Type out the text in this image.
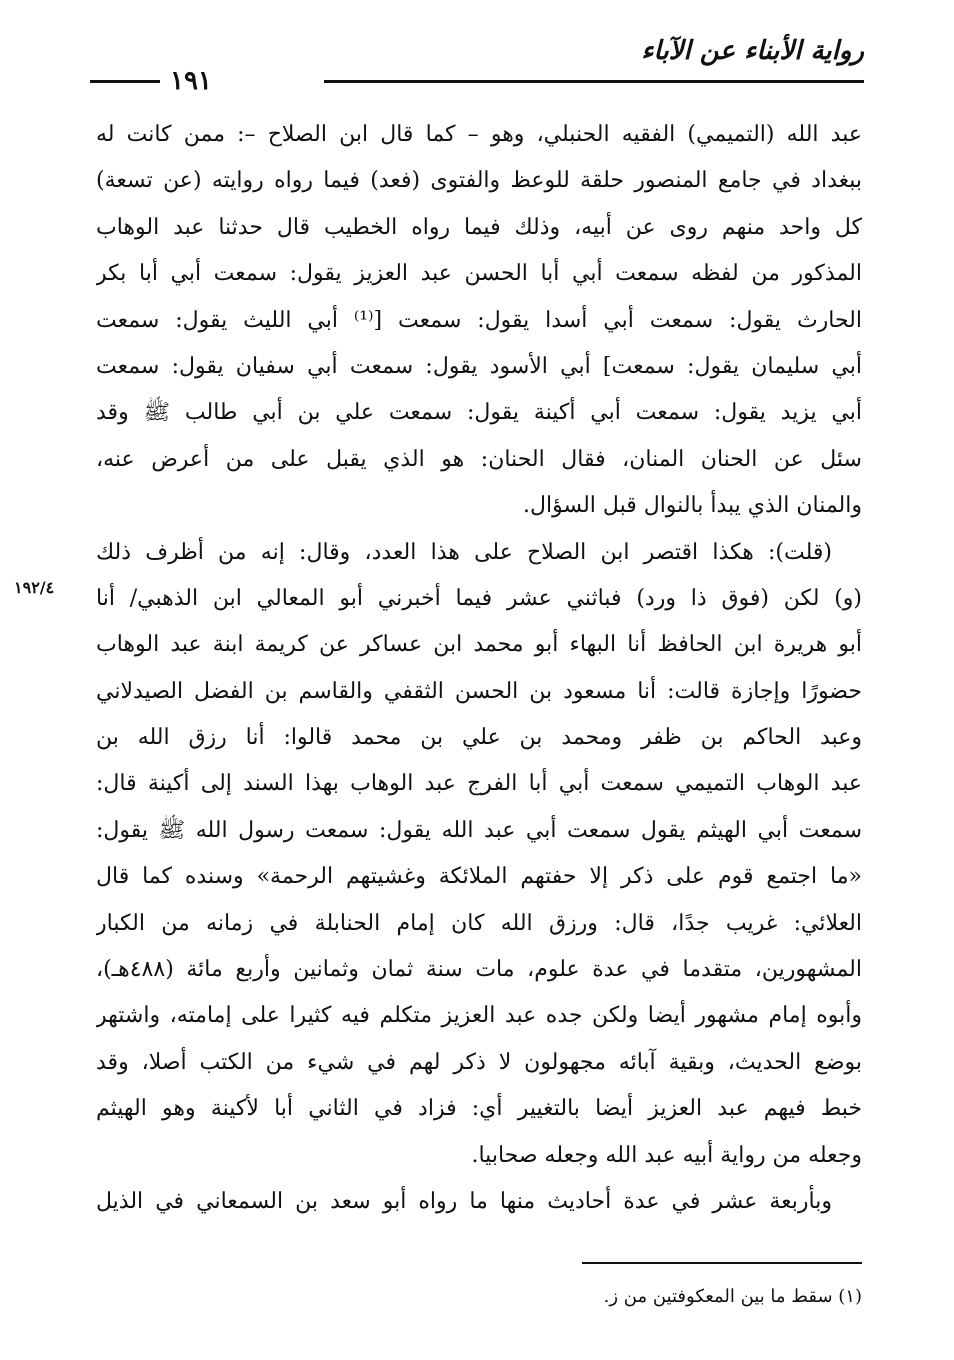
رواية الأبناء عن الآباء
١٩١
١٩٢/٤
عبد الله (التميمي) الفقيه الحنبلي، وهو – كما قال ابن الصلاح –: ممن كانت له
ببغداد في جامع المنصور حلقة للوعظ والفتوى (فعد) فيما رواه روايته (عن تسعة)
كل واحد منهم روى عن أبيه، وذلك فيما رواه الخطيب قال حدثنا عبد الوهاب
المذكور من لفظه سمعت أبي أبا الحسن عبد العزيز يقول: سمعت أبي أبا بكر
الحارث يقول: سمعت أبي أسدا يقول: سمعت [⁽¹⁾ أبي الليث يقول: سمعت
أبي سليمان يقول: سمعت] أبي الأسود يقول: سمعت أبي سفيان يقول: سمعت
أبي يزيد يقول: سمعت أبي أكينة يقول: سمعت علي بن أبي طالب ﷺ وقد
سئل عن الحنان المنان، فقال الحنان: هو الذي يقبل على من أعرض عنه،
والمنان الذي يبدأ بالنوال قبل السؤال.
(قلت): هكذا اقتصر ابن الصلاح على هذا العدد، وقال: إنه من أظرف ذلك
(و) لكن (فوق ذا ورد) فباثني عشر فيما أخبرني أبو المعالي ابن الذهبي/ أنا
أبو هريرة ابن الحافظ أنا البهاء أبو محمد ابن عساكر عن كريمة ابنة عبد الوهاب
حضورًا وإجازة قالت: أنا مسعود بن الحسن الثقفي والقاسم بن الفضل الصيدلاني
وعبد الحاكم بن ظفر ومحمد بن علي بن محمد قالوا: أنا رزق الله بن
عبد الوهاب التميمي سمعت أبي أبا الفرج عبد الوهاب بهذا السند إلى أكينة قال:
سمعت أبي الهيثم يقول سمعت أبي عبد الله يقول: سمعت رسول الله ﷺ يقول:
«ما اجتمع قوم على ذكر إلا حفتهم الملائكة وغشيتهم الرحمة» وسنده كما قال
العلائي: غريب جدًا، قال: ورزق الله كان إمام الحنابلة في زمانه من الكبار
المشهورين، متقدما في عدة علوم، مات سنة ثمان وثمانين وأربع مائة (٤٨٨هـ)،
وأبوه إمام مشهور أيضا ولكن جده عبد العزيز متكلم فيه كثيرا على إمامته، واشتهر
بوضع الحديث، وبقية آبائه مجهولون لا ذكر لهم في شيء من الكتب أصلا، وقد
خبط فيهم عبد العزيز أيضا بالتغيير أي: فزاد في الثاني أبا لأكينة وهو الهيثم
وجعله من رواية أبيه عبد الله وجعله صحابيا.
وبأربعة عشر في عدة أحاديث منها ما رواه أبو سعد بن السمعاني في الذيل
(١) سقط ما بين المعكوفتين من ز.
